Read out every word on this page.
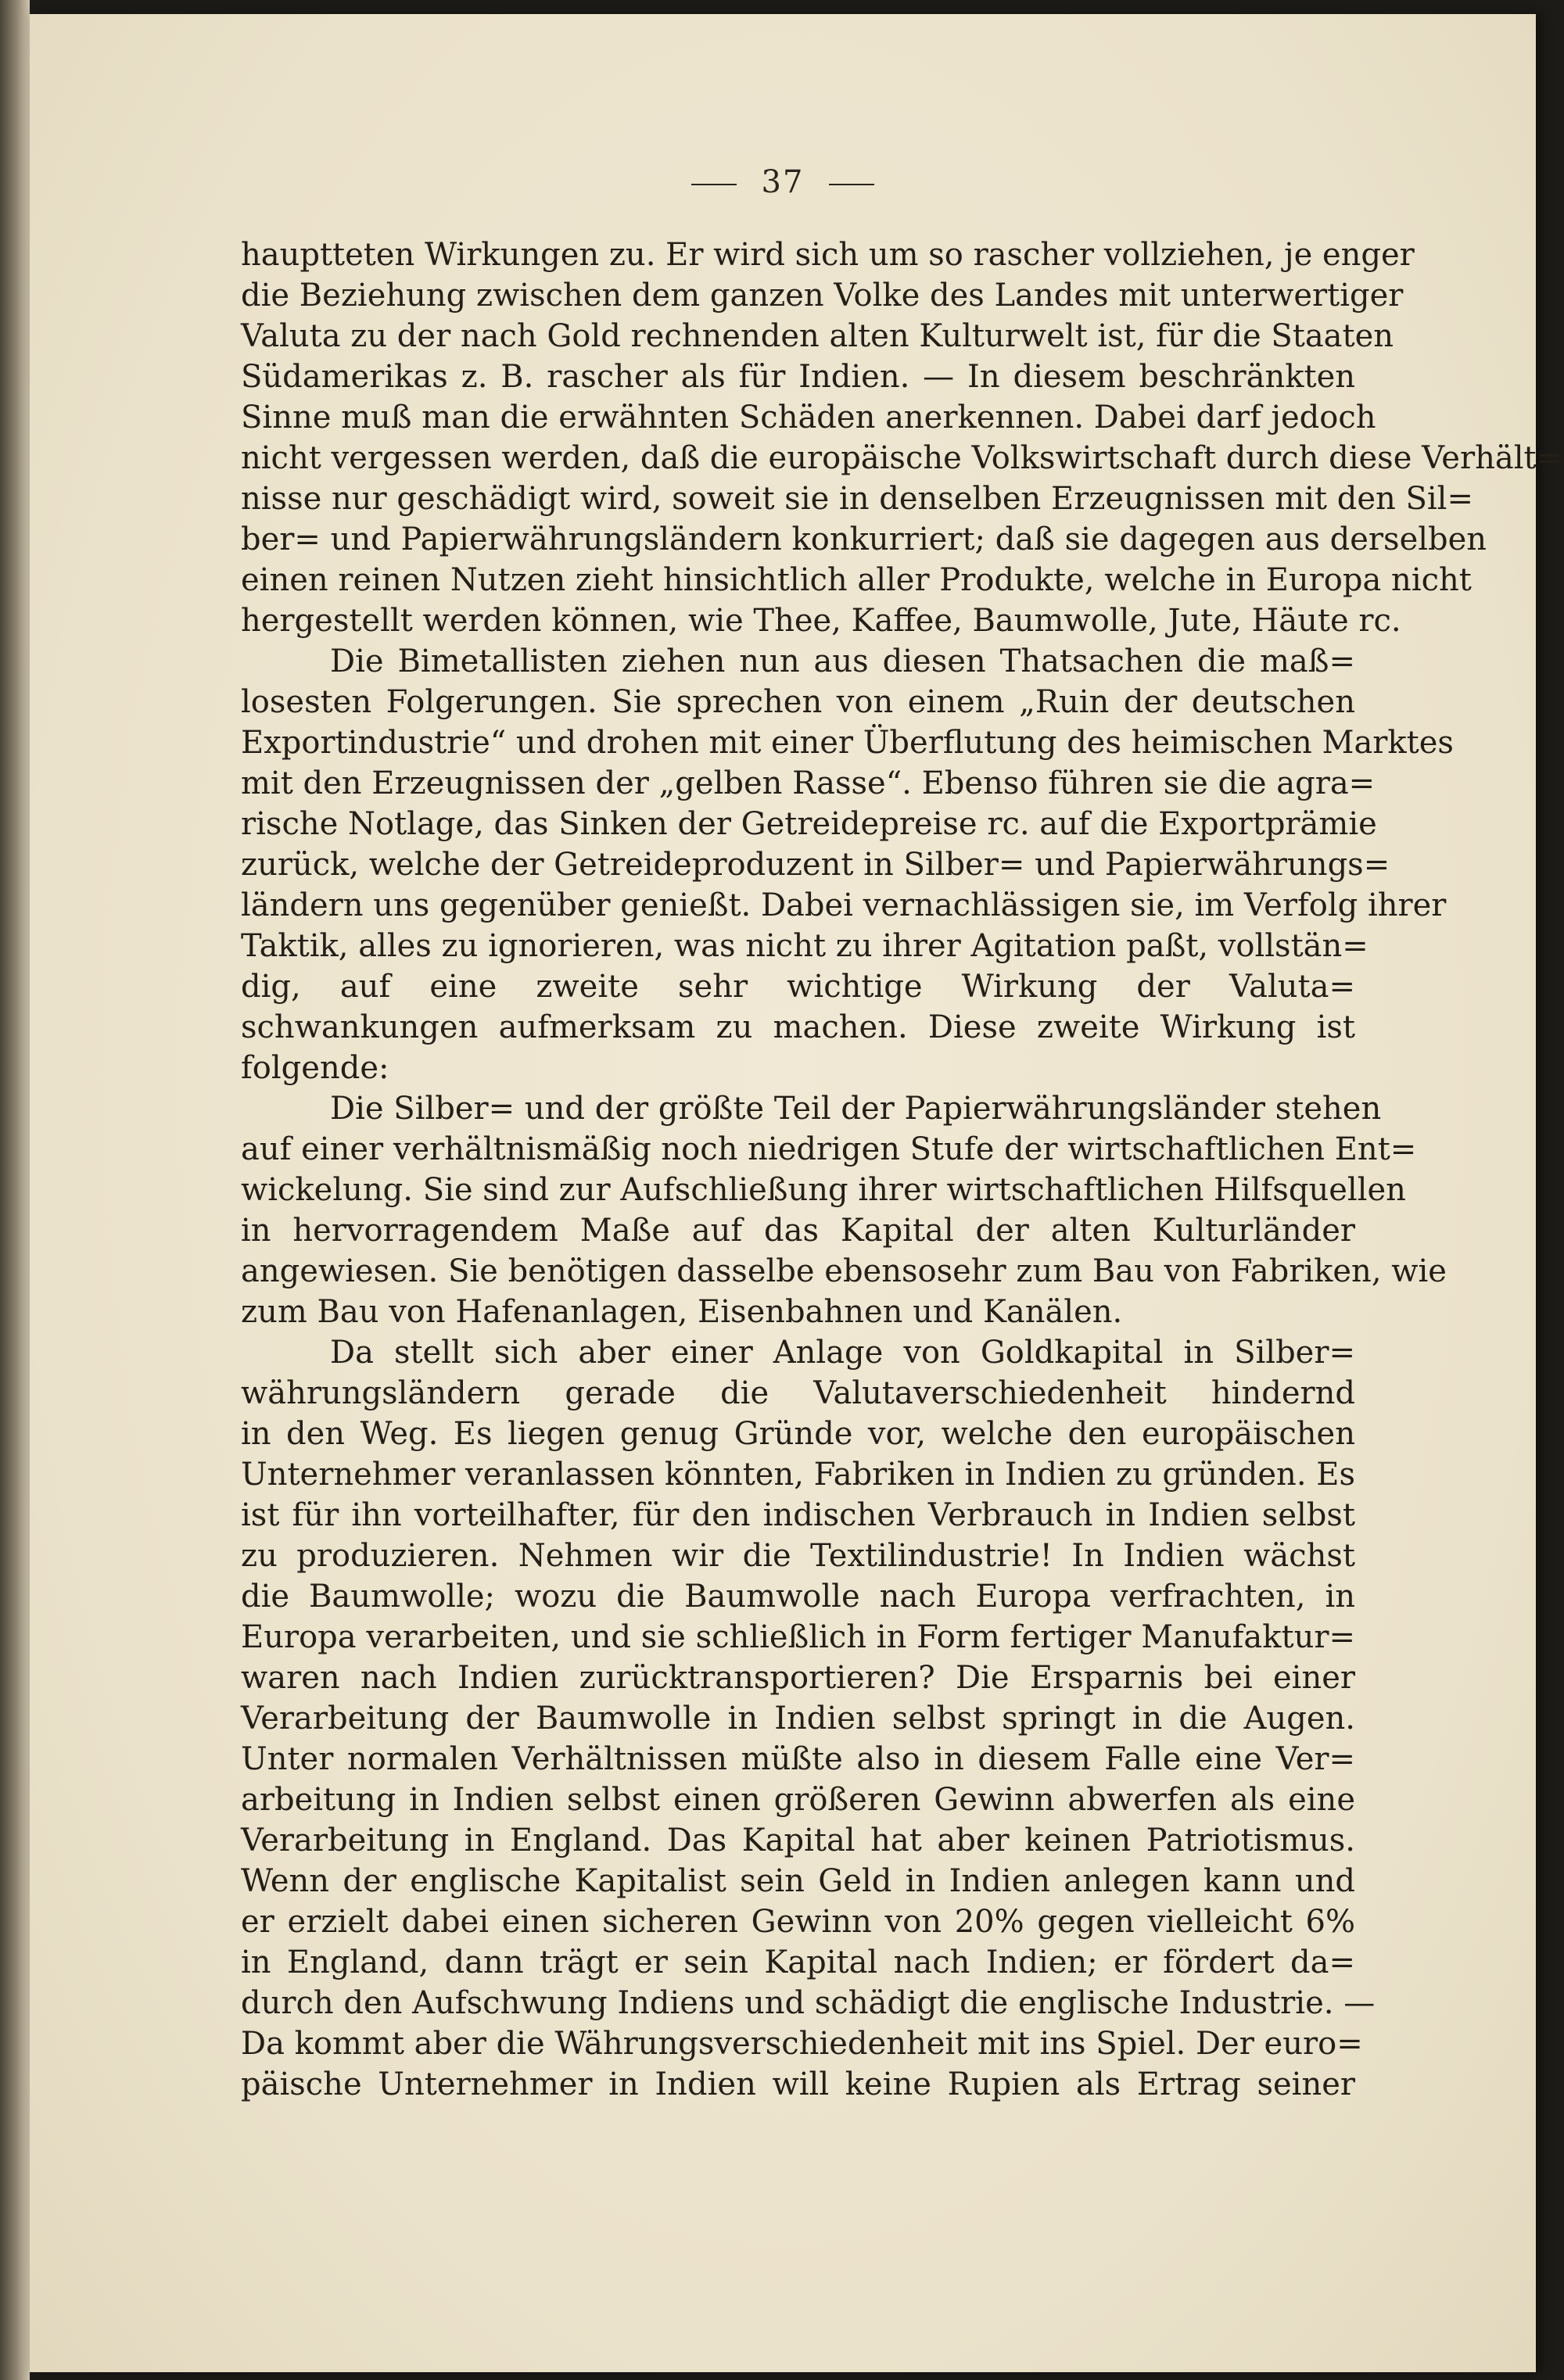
37
hauptteten Wirkungen zu. Er wird sich um so rascher vollziehen, je enger
die Beziehung zwischen dem ganzen Volke des Landes mit unterwertiger
Valuta zu der nach Gold rechnenden alten Kulturwelt ist, für die Staaten
Südamerikas z. B. rascher als für Indien. — In diesem beschränkten
Sinne muß man die erwähnten Schäden anerkennen. Dabei darf jedoch
nicht vergessen werden, daß die europäische Volkswirtschaft durch diese Verhält=
nisse nur geschädigt wird, soweit sie in denselben Erzeugnissen mit den Sil=
ber= und Papierwährungsländern konkurriert; daß sie dagegen aus derselben
einen reinen Nutzen zieht hinsichtlich aller Produkte, welche in Europa nicht
hergestellt werden können, wie Thee, Kaffee, Baumwolle, Jute, Häute rc.
Die Bimetallisten ziehen nun aus diesen Thatsachen die maß=
losesten Folgerungen. Sie sprechen von einem „Ruin der deutschen
Exportindustrie“ und drohen mit einer Überflutung des heimischen Marktes
mit den Erzeugnissen der „gelben Rasse“. Ebenso führen sie die agra=
rische Notlage, das Sinken der Getreidepreise rc. auf die Exportprämie
zurück, welche der Getreideproduzent in Silber= und Papierwährungs=
ländern uns gegenüber genießt. Dabei vernachlässigen sie, im Verfolg ihrer
Taktik, alles zu ignorieren, was nicht zu ihrer Agitation paßt, vollstän=
dig, auf eine zweite sehr wichtige Wirkung der Valuta=
schwankungen aufmerksam zu machen. Diese zweite Wirkung ist
folgende:
Die Silber= und der größte Teil der Papierwährungsländer stehen
auf einer verhältnismäßig noch niedrigen Stufe der wirtschaftlichen Ent=
wickelung. Sie sind zur Aufschließung ihrer wirtschaftlichen Hilfsquellen
in hervorragendem Maße auf das Kapital der alten Kulturländer
angewiesen. Sie benötigen dasselbe ebensosehr zum Bau von Fabriken, wie
zum Bau von Hafenanlagen, Eisenbahnen und Kanälen.
Da stellt sich aber einer Anlage von Goldkapital in Silber=
währungsländern gerade die Valutaverschiedenheit hindernd
in den Weg. Es liegen genug Gründe vor, welche den europäischen
Unternehmer veranlassen könnten, Fabriken in Indien zu gründen. Es
ist für ihn vorteilhafter, für den indischen Verbrauch in Indien selbst
zu produzieren. Nehmen wir die Textilindustrie! In Indien wächst
die Baumwolle; wozu die Baumwolle nach Europa verfrachten, in
Europa verarbeiten, und sie schließlich in Form fertiger Manufaktur=
waren nach Indien zurücktransportieren? Die Ersparnis bei einer
Verarbeitung der Baumwolle in Indien selbst springt in die Augen.
Unter normalen Verhältnissen müßte also in diesem Falle eine Ver=
arbeitung in Indien selbst einen größeren Gewinn abwerfen als eine
Verarbeitung in England. Das Kapital hat aber keinen Patriotismus.
Wenn der englische Kapitalist sein Geld in Indien anlegen kann und
er erzielt dabei einen sicheren Gewinn von 20% gegen vielleicht 6%
in England, dann trägt er sein Kapital nach Indien; er fördert da=
durch den Aufschwung Indiens und schädigt die englische Industrie. —
Da kommt aber die Währungsverschiedenheit mit ins Spiel. Der euro=
päische Unternehmer in Indien will keine Rupien als Ertrag seiner
